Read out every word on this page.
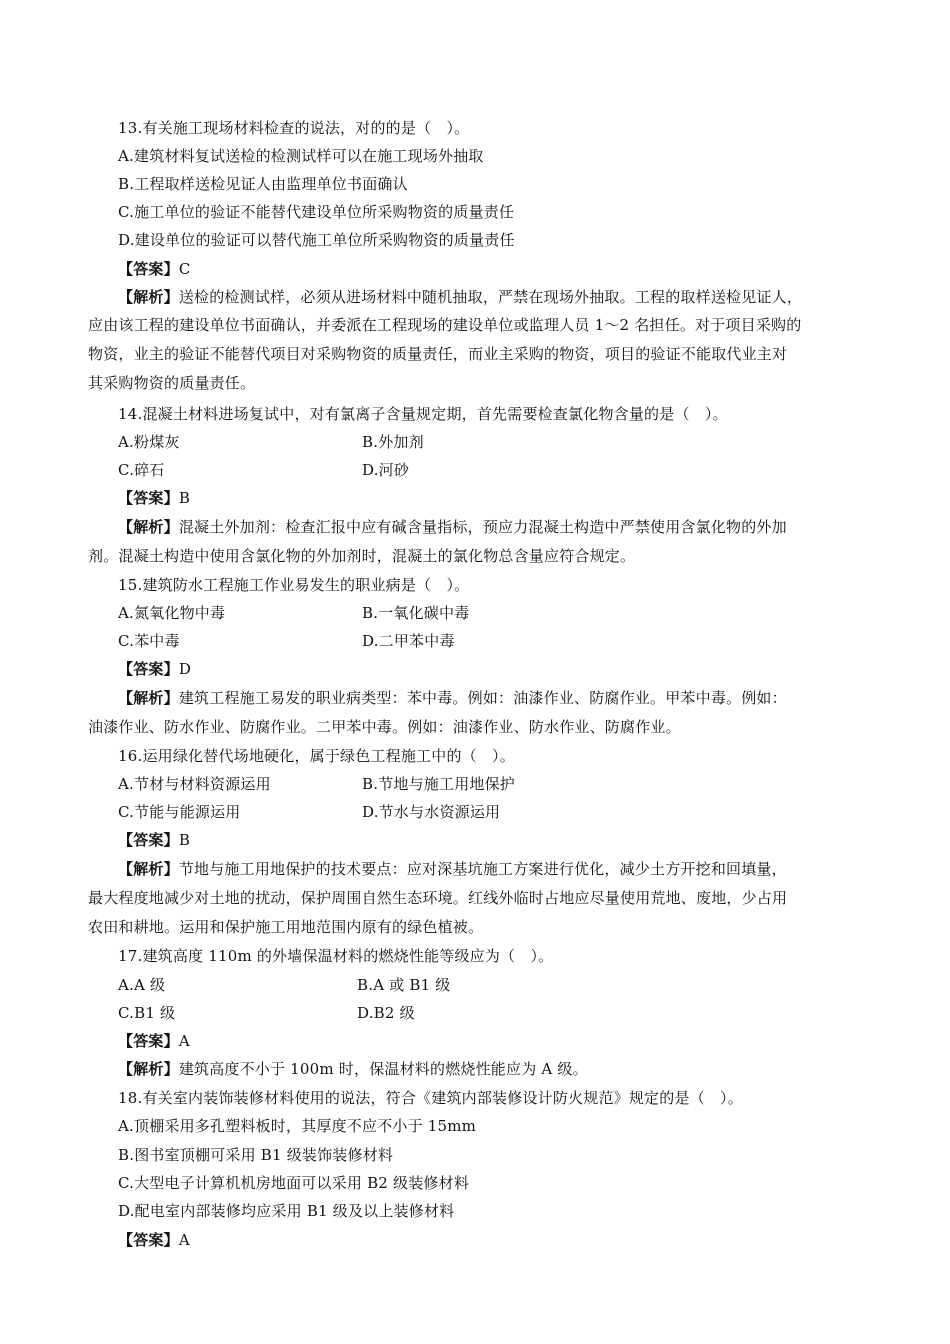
13.有关施工现场材料检查的说法，对的的是（　）。
A.建筑材料复试送检的检测试样可以在施工现场外抽取
B.工程取样送检见证人由监理单位书面确认
C.施工单位的验证不能替代建设单位所采购物资的质量责任
D.建设单位的验证可以替代施工单位所采购物资的质量责任
【答案】C
【解析】送检的检测试样，必须从进场材料中随机抽取，严禁在现场外抽取。工程的取样送检见证人，
应由该工程的建设单位书面确认，并委派在工程现场的建设单位或监理人员 1～2 名担任。对于项目采购的
物资，业主的验证不能替代项目对采购物资的质量责任，而业主采购的物资，项目的验证不能取代业主对
其采购物资的质量责任。
14.混凝土材料进场复试中，对有氯离子含量规定期，首先需要检查氯化物含量的是（　）。
A.粉煤灰	B.外加剂
C.碎石	D.河砂
【答案】B
【解析】混凝土外加剂：检查汇报中应有碱含量指标，预应力混凝土构造中严禁使用含氯化物的外加
剂。混凝土构造中使用含氯化物的外加剂时，混凝土的氯化物总含量应符合规定。
15.建筑防水工程施工作业易发生的职业病是（　）。
A.氮氧化物中毒	B.一氧化碳中毒
C.苯中毒	D.二甲苯中毒
【答案】D
【解析】建筑工程施工易发的职业病类型：苯中毒。例如：油漆作业、防腐作业。甲苯中毒。例如：
油漆作业、防水作业、防腐作业。二甲苯中毒。例如：油漆作业、防水作业、防腐作业。
16.运用绿化替代场地硬化，属于绿色工程施工中的（　）。
A.节材与材料资源运用	B.节地与施工用地保护
C.节能与能源运用	D.节水与水资源运用
【答案】B
【解析】节地与施工用地保护的技术要点：应对深基坑施工方案进行优化，减少土方开挖和回填量，
最大程度地减少对土地的扰动，保护周围自然生态环境。红线外临时占地应尽量使用荒地、废地，少占用
农田和耕地。运用和保护施工用地范围内原有的绿色植被。
17.建筑高度 110m 的外墙保温材料的燃烧性能等级应为（　）。
A.A 级	B.A 或 B1 级
C.B1 级	D.B2 级
【答案】A
【解析】建筑高度不小于 100m 时，保温材料的燃烧性能应为 A 级。
18.有关室内装饰装修材料使用的说法，符合《建筑内部装修设计防火规范》规定的是（　）。
A.顶棚采用多孔塑料板时，其厚度不应不小于 15mm
B.图书室顶棚可采用 B1 级装饰装修材料
C.大型电子计算机机房地面可以采用 B2 级装修材料
D.配电室内部装修均应采用 B1 级及以上装修材料
【答案】A
